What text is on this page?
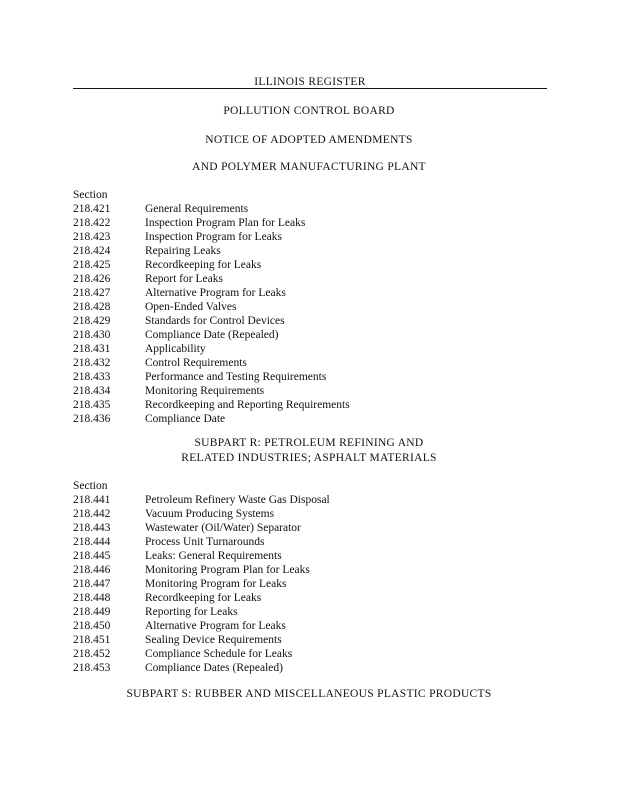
ILLINOIS REGISTER
POLLUTION CONTROL BOARD
NOTICE OF ADOPTED AMENDMENTS
AND POLYMER MANUFACTURING PLANT
Section
218.421	General Requirements
218.422	Inspection Program Plan for Leaks
218.423	Inspection Program for Leaks
218.424	Repairing Leaks
218.425	Recordkeeping for Leaks
218.426	Report for Leaks
218.427	Alternative Program for Leaks
218.428	Open-Ended Valves
218.429	Standards for Control Devices
218.430	Compliance Date (Repealed)
218.431	Applicability
218.432	Control Requirements
218.433	Performance and Testing Requirements
218.434	Monitoring Requirements
218.435	Recordkeeping and Reporting Requirements
218.436	Compliance Date
SUBPART R: PETROLEUM REFINING AND
RELATED INDUSTRIES; ASPHALT MATERIALS
Section
218.441	Petroleum Refinery Waste Gas Disposal
218.442	Vacuum Producing Systems
218.443	Wastewater (Oil/Water) Separator
218.444	Process Unit Turnarounds
218.445	Leaks: General Requirements
218.446	Monitoring Program Plan for Leaks
218.447	Monitoring Program for Leaks
218.448	Recordkeeping for Leaks
218.449	Reporting for Leaks
218.450	Alternative Program for Leaks
218.451	Sealing Device Requirements
218.452	Compliance Schedule for Leaks
218.453	Compliance Dates (Repealed)
SUBPART S: RUBBER AND MISCELLANEOUS PLASTIC PRODUCTS
